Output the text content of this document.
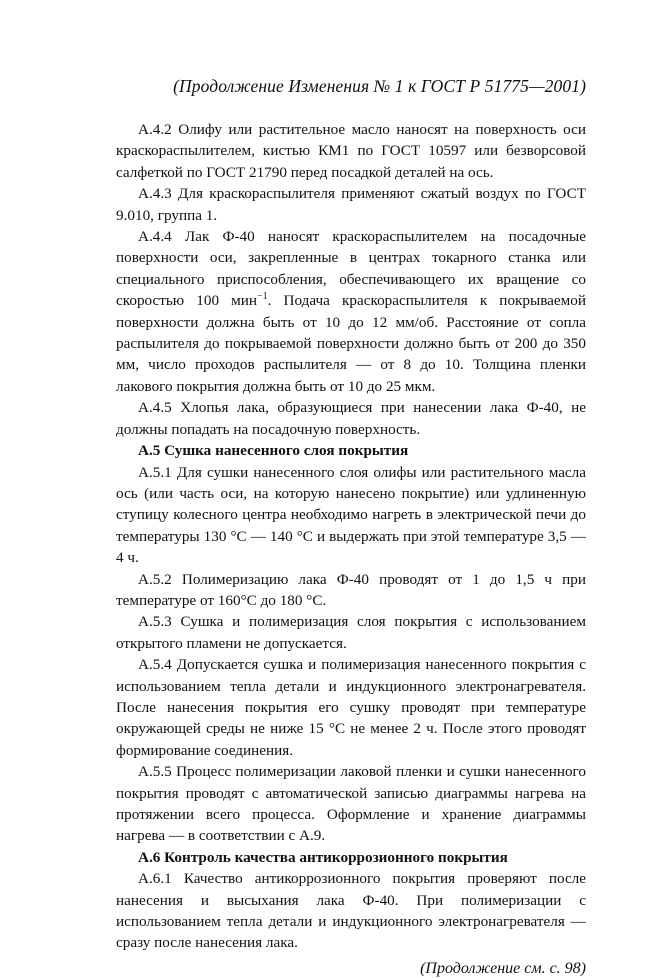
(Продолжение Изменения № 1 к ГОСТ Р 51775—2001)

А.4.2 Олифу или растительное масло наносят на поверхность оси краскораспылителем, кистью КМ1 по ГОСТ 10597 или безворсовой салфеткой по ГОСТ 21790 перед посадкой деталей на ось.

А.4.3 Для краскораспылителя применяют сжатый воздух по ГОСТ 9.010, группа 1.

А.4.4 Лак Ф-40 наносят краскораспылителем на посадочные поверхности оси, закрепленные в центрах токарного станка или специального приспособления, обеспечивающего их вращение со скоростью 100 мин$^{-1}$. Подача краскораспылителя к покрываемой поверхности должна быть от 10 до 12 мм/об. Расстояние от сопла распылителя до покрываемой поверхности должно быть от 200 до 350 мм, число проходов распылителя — от 8 до 10. Толщина пленки лакового покрытия должна быть от 10 до 25 мкм.

А.4.5 Хлопья лака, образующиеся при нанесении лака Ф-40, не должны попадать на посадочную поверхность.

А.5 Сушка нанесенного слоя покрытия

А.5.1 Для сушки нанесенного слоя олифы или растительного масла ось (или часть оси, на которую нанесено покрытие) или удлиненную ступицу колесного центра необходимо нагреть в электрической печи до температуры 130 °С — 140 °С и выдержать при этой температуре 3,5 — 4 ч.

А.5.2 Полимеризацию лака Ф-40 проводят от 1 до 1,5 ч при температуре от 160°С до 180 °С.

А.5.3 Сушка и полимеризация слоя покрытия с использованием открытого пламени не допускается.

А.5.4 Допускается сушка и полимеризация нанесенного покрытия с использованием тепла детали и индукционного электронагревателя. После нанесения покрытия его сушку проводят при температуре окружающей среды не ниже 15 °С не менее 2 ч. После этого проводят формирование соединения.

А.5.5 Процесс полимеризации лаковой пленки и сушки нанесенного покрытия проводят с автоматической записью диаграммы нагрева на протяжении всего процесса. Оформление и хранение диаграммы нагрева — в соответствии с А.9.

А.6 Контроль качества антикоррозионного покрытия

А.6.1 Качество антикоррозионного покрытия проверяют после нанесения и высыхания лака Ф-40. При полимеризации с использованием тепла детали и индукционного электронагревателя — сразу после нанесения лака.

(Продолжение см. с. 98)
